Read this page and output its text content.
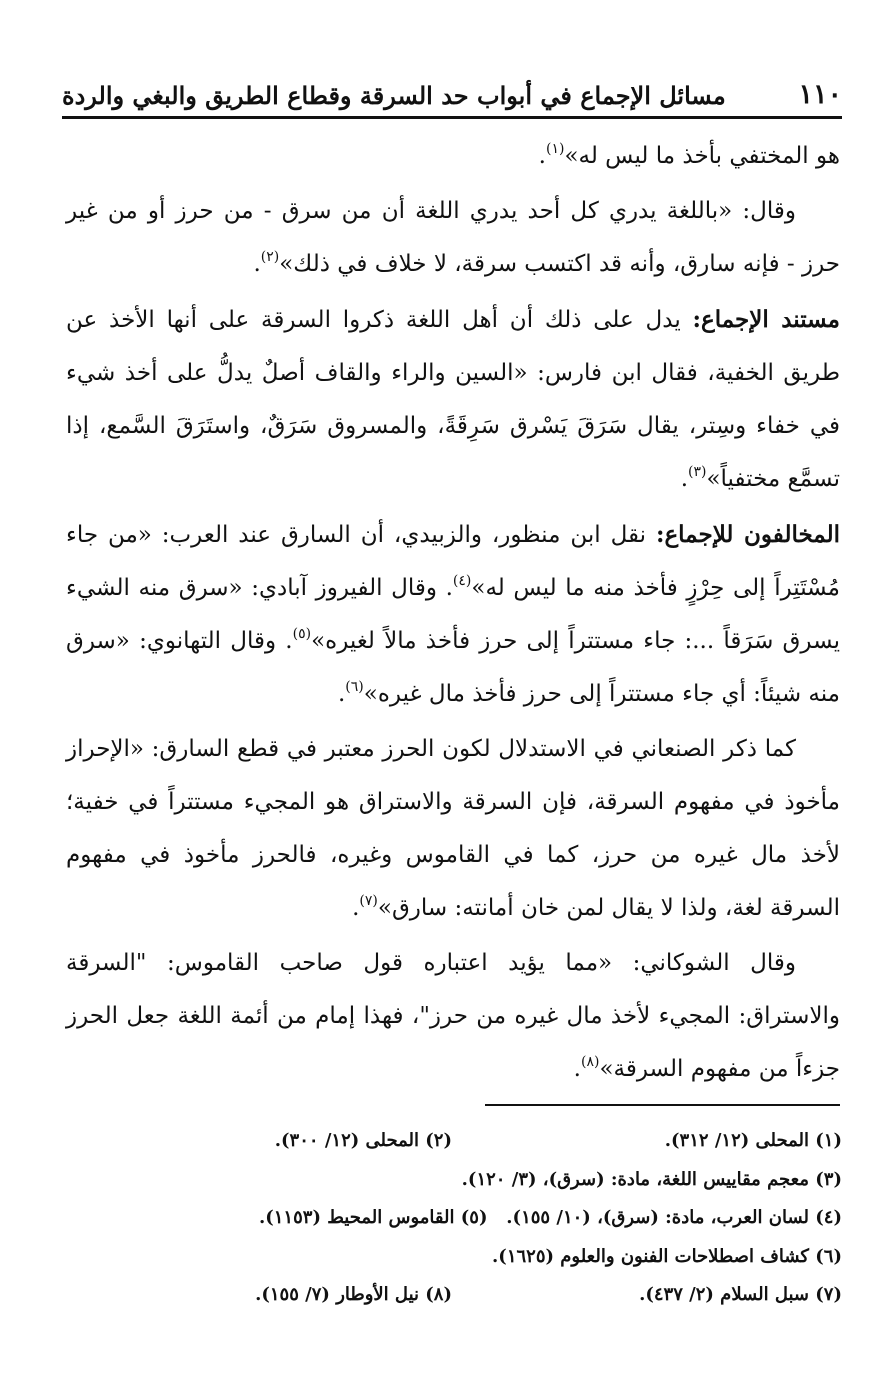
١١٠
مسائل الإجماع في أبواب حد السرقة وقطاع الطريق والبغي والردة

هو المختفي بأخذ ما ليس له»$^{(١)}$.

وقال: «باللغة يدري كل أحد يدري اللغة أن من سرق - من حرز أو من غير حرز - فإنه سارق، وأنه قد اكتسب سرقة، لا خلاف في ذلك»$^{(٢)}$.

مستند الإجماع: يدل على ذلك أن أهل اللغة ذكروا السرقة على أنها الأخذ عن طريق الخفية، فقال ابن فارس: «السين والراء والقاف أصلٌ يدلُّ على أخذ شيء في خفاء وسِتر، يقال سَرَقَ يَسْرق سَرِقَةً، والمسروق سَرَقٌ، واستَرَقَ السَّمع، إذا تسمَّع مختفياً»$^{(٣)}$.

المخالفون للإجماع: نقل ابن منظور، والزبيدي، أن السارق عند العرب: «من جاء مُسْتَتِراً إلى حِرْزٍ فأخذ منه ما ليس له»$^{(٤)}$. وقال الفيروز آبادي: «سرق منه الشيء يسرق سَرَقاً ...: جاء مستتراً إلى حرز فأخذ مالاً لغيره»$^{(٥)}$. وقال التهانوي: «سرق منه شيئاً: أي جاء مستتراً إلى حرز فأخذ مال غيره»$^{(٦)}$.

كما ذكر الصنعاني في الاستدلال لكون الحرز معتبر في قطع السارق: «الإحراز مأخوذ في مفهوم السرقة، فإن السرقة والاستراق هو المجيء مستتراً في خفية؛ لأخذ مال غيره من حرز، كما في القاموس وغيره، فالحرز مأخوذ في مفهوم السرقة لغة، ولذا لا يقال لمن خان أمانته: سارق»$^{(٧)}$.

وقال الشوكاني: «مما يؤيد اعتباره قول صاحب القاموس: "السرقة والاستراق: المجيء لأخذ مال غيره من حرز"، فهذا إمام من أئمة اللغة جعل الحرز جزءاً من مفهوم السرقة»$^{(٨)}$.

(١) المحلى (١٢/ ٣١٢).
(٢) المحلى (١٢/ ٣٠٠).
(٣) معجم مقاييس اللغة، مادة: (سرق)، (٣/ ١٢٠).
(٤) لسان العرب، مادة: (سرق)، (١٠/ ١٥٥).   (٥) القاموس المحيط (١١٥٣).
(٦) كشاف اصطلاحات الفنون والعلوم (١٦٢٥).
(٧) سبل السلام (٢/ ٤٣٧).
(٨) نيل الأوطار (٧/ ١٥٥).
